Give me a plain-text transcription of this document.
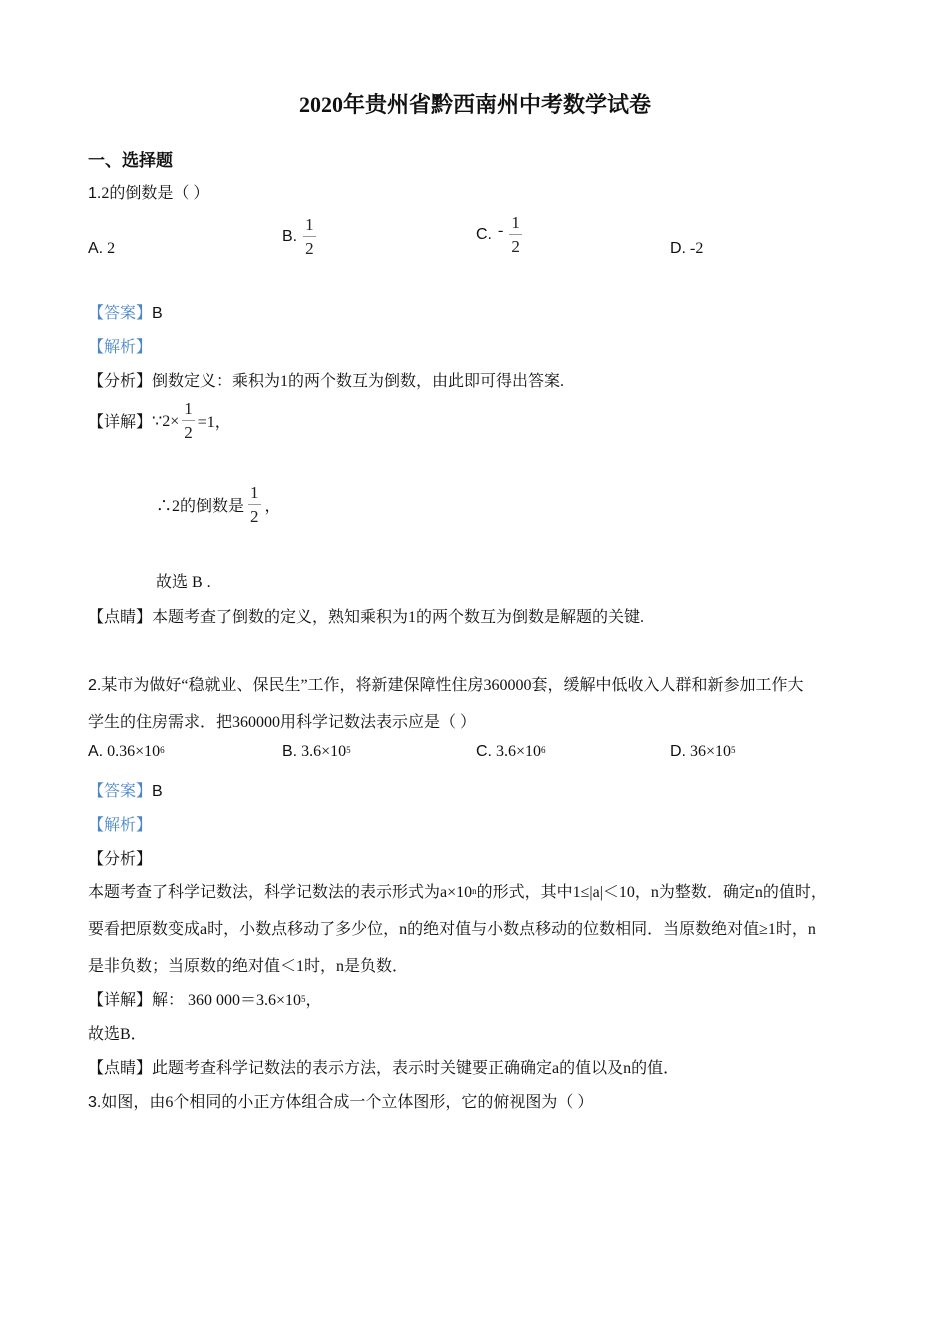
2020年贵州省黔西南州中考数学试卷
一、选择题
1.2的倒数是（ ）
A. 2
B. $\frac{1}{2}$	C. - $\frac{1}{2}$	D. -2
【答案】B
【解析】
【分析】倒数定义：乘积为1的两个数互为倒数，由此即可得出答案.
【详解】 ∵2× $\frac{1}{2} =1$，
∴2的倒数是 $\frac{1}{2}$ ，
故选 B .
【点睛】本题考查了倒数的定义，熟知乘积为1的两个数互为倒数是解题的关键.
2.某市为做好“稳就业、保民生”工作，将新建保障性住房360000套，缓解中低收入人群和新参加工作大
学生的住房需求．把360000用科学记数法表示应是（ ）
A. $0.36\times 10^6$	B. $3.6\times 10^5$	C. $3.6\times 10^6$	D. $36\times 10^5$
【答案】B
【解析】
【分析】
本题考查了科学记数法，科学记数法的表示形式为$a\times 10^n$的形式，其中1≤|a|＜10，n为整数．确定n的值时，
要看把原数变成a时，小数点移动了多少位，n的绝对值与小数点移动的位数相同．当原数绝对值≥1时，n
是非负数；当原数的绝对值＜1时，n是负数．
【详解】解： 360 $000=3.6\times 10^5$，
故选B．
【点睛】此题考查科学记数法的表示方法，表示时关键要正确确定a的值以及n的值．
3.如图，由6个相同的小正方体组合成一个立体图形，它的俯视图为（ ）
